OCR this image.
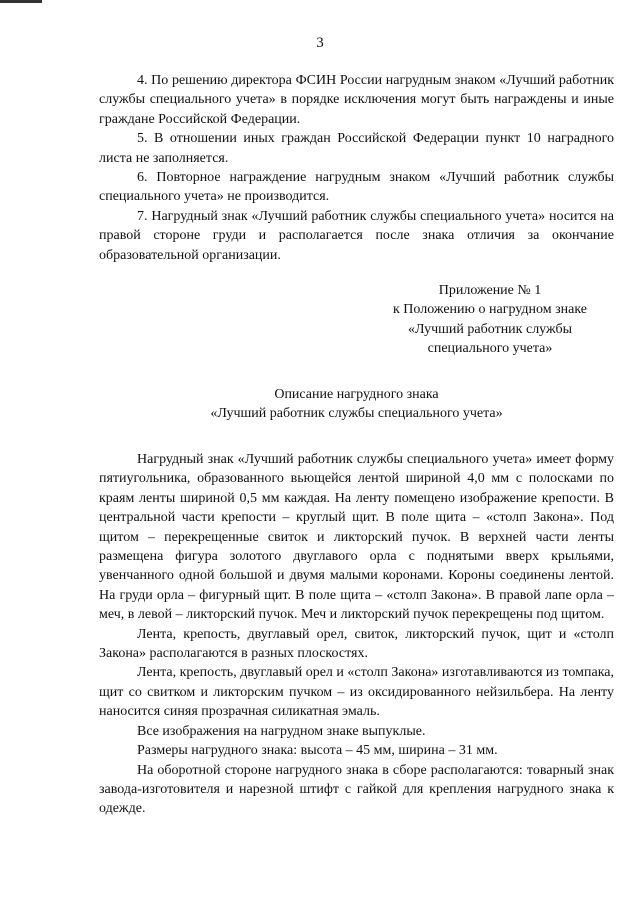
3

4. По решению директора ФСИН России нагрудным знаком «Лучший работник службы специального учета» в порядке исключения могут быть награждены и иные граждане Российской Федерации.

5. В отношении иных граждан Российской Федерации пункт 10 наградного листа не заполняется.

6. Повторное награждение нагрудным знаком «Лучший работник службы специального учета» не производится.

7. Нагрудный знак «Лучший работник службы специального учета» носится на правой стороне груди и располагается после знака отличия за окончание образовательной организации.

Приложение № 1
к Положению о нагрудном знаке
«Лучший работник службы
специального учета»
Описание нагрудного знака
«Лучший работник службы специального учета»

Нагрудный знак «Лучший работник службы специального учета» имеет форму пятиугольника, образованного вьющейся лентой шириной 4,0 мм с полосками по краям ленты шириной 0,5 мм каждая. На ленту помещено изображение крепости. В центральной части крепости – круглый щит. В поле щита – «столп Закона». Под щитом – перекрещенные свиток и ликторский пучок. В верхней части ленты размещена фигура золотого двуглавого орла с поднятыми вверх крыльями, увенчанного одной большой и двумя малыми коронами. Короны соединены лентой. На груди орла – фигурный щит. В поле щита – «столп Закона». В правой лапе орла – меч, в левой – ликторский пучок. Меч и ликторский пучок перекрещены под щитом.

Лента, крепость, двуглавый орел, свиток, ликторский пучок, щит и «столп Закона» располагаются в разных плоскостях.

Лента, крепость, двуглавый орел и «столп Закона» изготавливаются из томпака, щит со свитком и ликторским пучком – из оксидированного нейзильбера. На ленту наносится синяя прозрачная силикатная эмаль.

Все изображения на нагрудном знаке выпуклые.

Размеры нагрудного знака: высота – 45 мм, ширина – 31 мм.

На оборотной стороне нагрудного знака в сборе располагаются: товарный знак завода-изготовителя и нарезной штифт с гайкой для крепления нагрудного знака к одежде.
